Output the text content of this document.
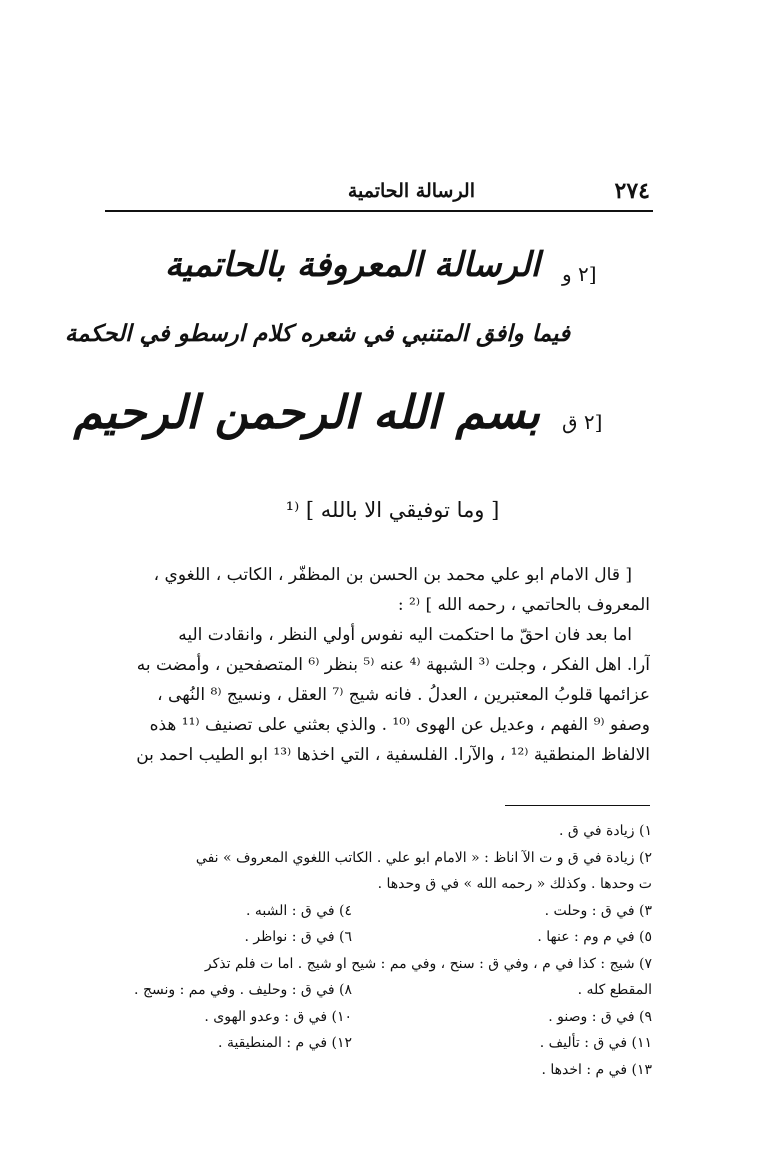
٢٧٤
الرسالة الحاتمية
[٢ و
[٢ ق
الرسالة المعروفة بالحاتمية
فيما وافق المتنبي في شعره كلام ارسطو في الحكمة
بسم الله الرحمن الرحيم
[ وما توفيقي الا بالله ] ⁽¹
[ قال الامام ابو علي محمد بن الحسن بن المظفّر ، الكاتب ، اللغوي ،
المعروف بالحاتمي ، رحمه الله ] ⁽² :
اما بعد فان احقّ ما احتكمت اليه نفوس أولي النظر ، وانقادت اليه
آرا. اهل الفكر ، وجلت ⁽³ الشبهة ⁽⁴ عنه ⁽⁵ بنظر ⁽⁶ المتصفحين ، وأمضت به
عزائمها قلوبُ المعتبرين ، العدلُ . فانه شيج ⁽⁷ العقل ، ونسيج ⁽⁸ النُهى ،
وصفو ⁽⁹ الفهم ، وعديل عن الهوى ⁽¹⁰ . والذي بعثني على تصنيف ⁽¹¹ هذه
الالفاظ المنطقية ⁽¹² ، والآرا. الفلسفية ، التي اخذها ⁽¹³ ابو الطيب احمد بن
١) زيادة في ق .
٢) زيادة في ق و ت الآ اناظ : « الامام ابو علي . الكاتب اللغوي المعروف » نفي
ت وحدها . وكذلك « رحمه الله » في ق وحدها .
٣) في ق : وحلت .
٤) في ق : الشبه .
٥) في م وم : عنها .
٦) في ق : نواظر .
٧) شيج : كذا في م ، وفي ق : سنح ، وفي مم : شيح او شيج . اما ت فلم تذكر
المقطع كله .
٨) في ق : وحليف . وفي مم : ونسج .
٩) في ق : وصنو .
١٠) في ق : وعدو الهوى .
١١) في ق : تأليف .
١٢) في م : المنطيقية .
١٣) في م : اخدها .
